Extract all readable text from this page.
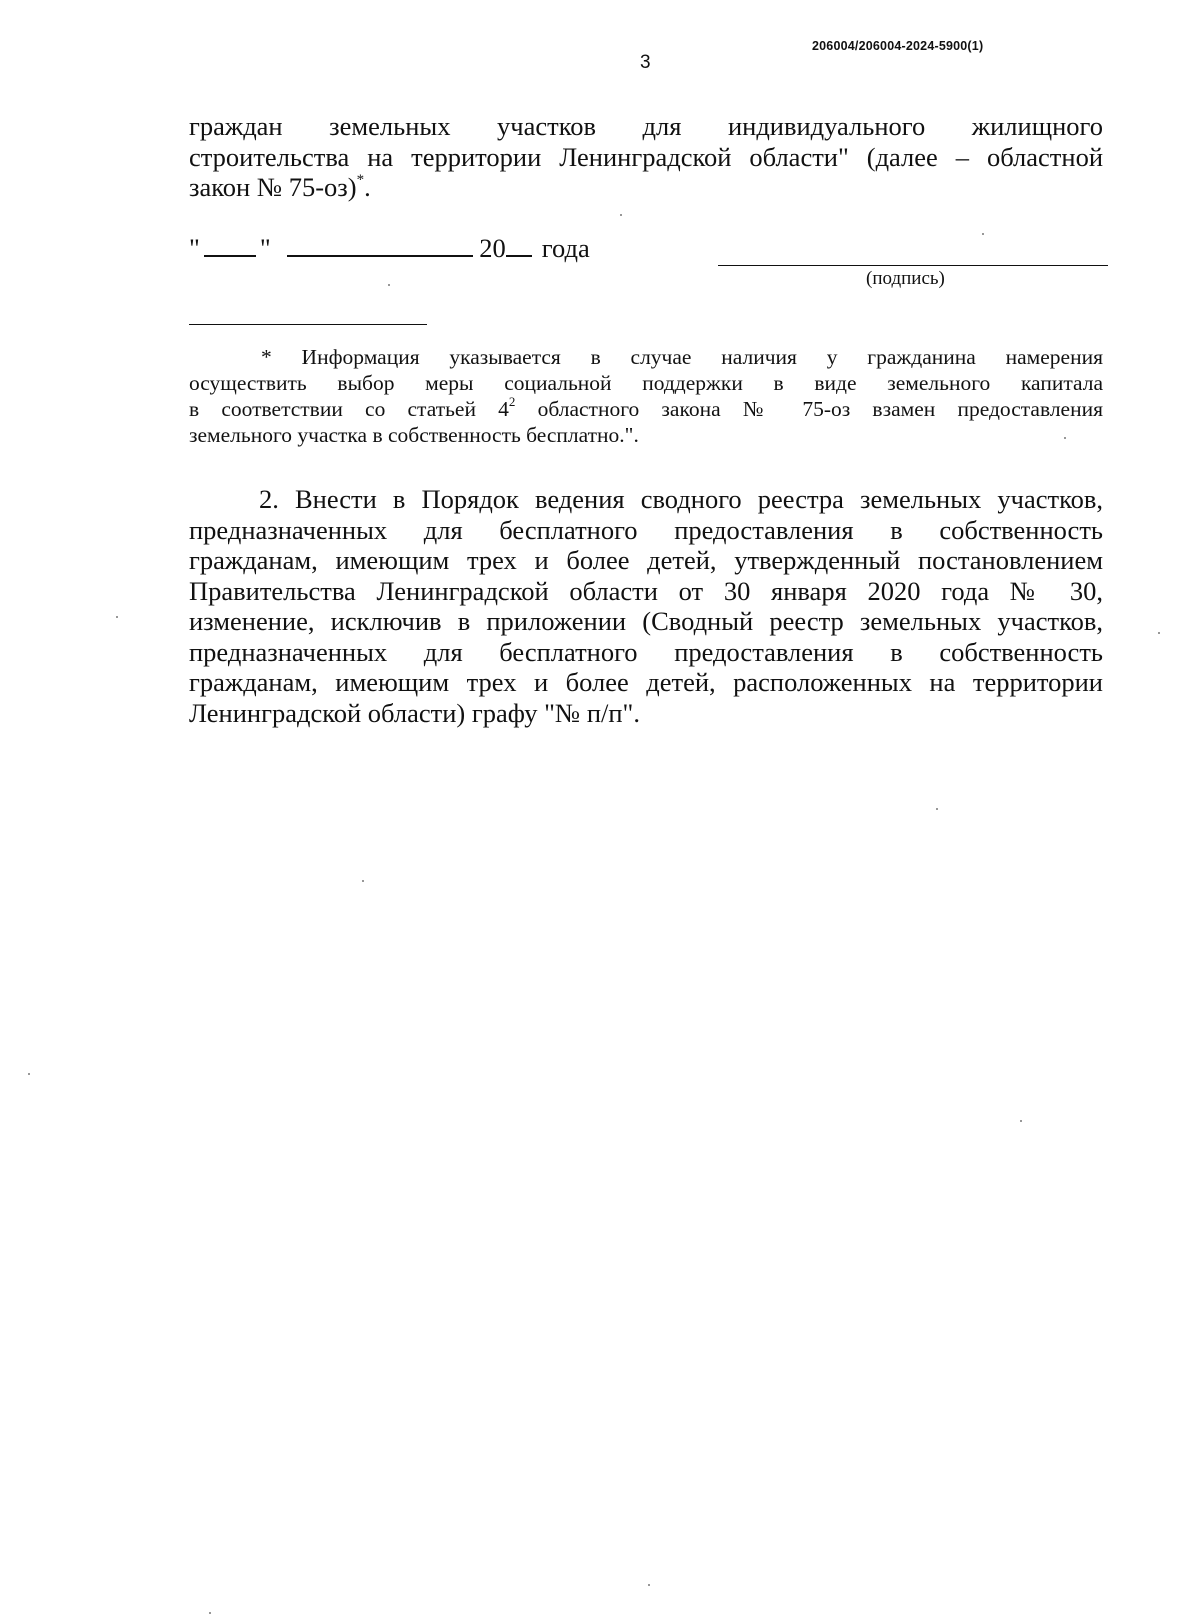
206004/206004-2024-5900(1)
3

граждан земельных участков для индивидуального жилищного
строительства на территории Ленинградской области" (далее – областной
закон № 75-оз)*.

" "	20 года
(подпись)

* Информация указывается в случае наличия у гражданина намерения
осуществить выбор меры социальной поддержки в виде земельного капитала
в соответствии со статьей $4^2$ областного закона № 75-оз взамен предоставления
земельного участка в собственность бесплатно.".

2. Внести в Порядок ведения сводного реестра земельных участков,
предназначенных для бесплатного предоставления в собственность
гражданам, имеющим трех и более детей, утвержденный постановлением
Правительства Ленинградской области от 30 января 2020 года № 30,
изменение, исключив в приложении (Сводный реестр земельных участков,
предназначенных для бесплатного предоставления в собственность
гражданам, имеющим трех и более детей, расположенных на территории
Ленинградской области) графу "№ п/п".
